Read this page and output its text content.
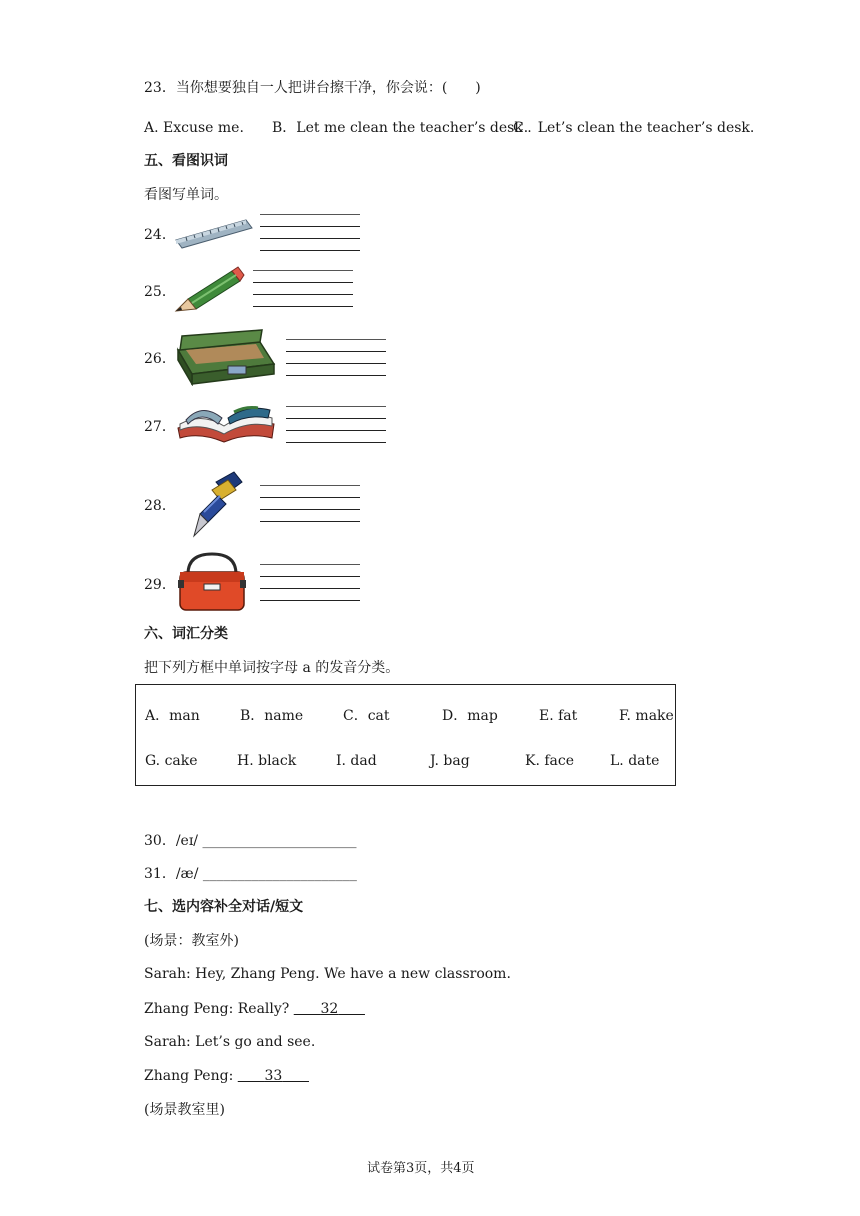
23．当你想要独自一人把讲台擦干净，你会说：(　　)
A. Excuse me. B．Let me clean the teacher’s desk .
C．Let’s clean the teacher’s desk.
五、看图识词
看图写单词。
24．
25．
26．
27．
28．
29．
六、词汇分类
把下列方框中单词按字母 a 的发音分类。
A．man	B．name	C．cat	D．map	E. fat	F. make
G. cake	H. black	I. dad	J. bag	K. face	L. date
30．/eɪ/ ______________________
31．/æ/ ______________________
七、选内容补全对话/短文
(场景：教室外)
Sarah: Hey, Zhang Peng. We have a new classroom.
Zhang Peng: Really?       32
Sarah: Let’s go and see.
Zhang Peng:       33
(场景教室里)
试卷第3页，共4页
